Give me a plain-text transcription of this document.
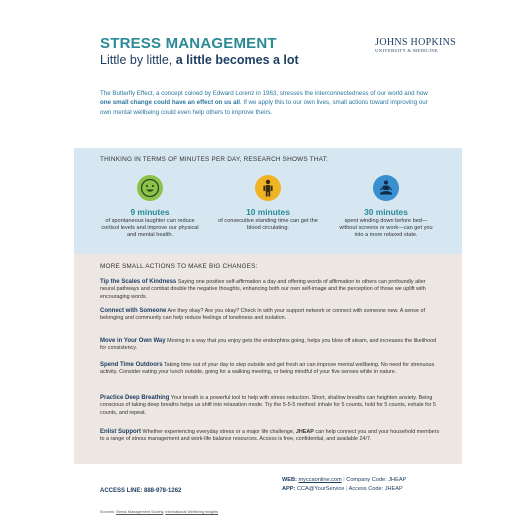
STRESS MANAGEMENT
Little by little, a little becomes a lot
JOHNS HOPKINS
UNIVERSITY & MEDICINE
The Butterfly Effect, a concept coined by Edward Lorenz in 1963, stresses the interconnectedness of our world and how one small change could have an effect on us all. If we apply this to our own lives, small actions toward improving our own mental wellbeing could even help others to improve theirs.
THINKING IN TERMS OF MINUTES PER DAY, RESEARCH SHOWS THAT:
9 minutes
of spontaneous laughter can reduce cortisol levels and improve our physical and mental health.
10 minutes
of consecutive standing time can get the blood circulating.
30 minutes
spent winding down before bed—without screens or work—can get you into a more relaxed state.
MORE SMALL ACTIONS TO MAKE BIG CHANGES:
Tip the Scales of Kindness Saying one positive self-affirmation a day and offering words of affirmation to others can profoundly alter neural pathways and combat double the negative thoughts, enhancing both our own self-image and the perception of those we uplift with encouraging words.
Connect with Someone Are they okay? Are you okay? Check in with your support network or connect with someone new. A sense of belonging and community can help reduce feelings of loneliness and isolation.
Move in Your Own Way Moving in a way that you enjoy gets the endorphins going, helps you blow off steam, and increases the likelihood for consistency.
Spend Time Outdoors Taking time out of your day to step outside and get fresh air can improve mental wellbeing. No need for strenuous activity. Consider eating your lunch outside, going for a walking meeting, or being mindful of your five senses while in nature.
Practice Deep Breathing Your breath is a powerful tool to help with stress reduction. Short, shallow breaths can heighten anxiety. Being conscious of taking deep breaths helps us shift into relaxation mode. Try the 5-5-5 method: inhale for 5 counts, hold for 5 counts, exhale for 5 counts, and repeat.
Enlist Support Whether experiencing everyday stress or a major life challenge, JHEAP can help connect you and your household members to a range of stress management and work-life balance resources. Access is free, confidential, and available 24/7.
ACCESS LINE: 888-978-1262
WEB: myccaonline.com | Company Code: JHEAP
APP: CCA@YourService | Access Code: JHEAP
Sources: Stress Management Society, International Wellbeing Insights
